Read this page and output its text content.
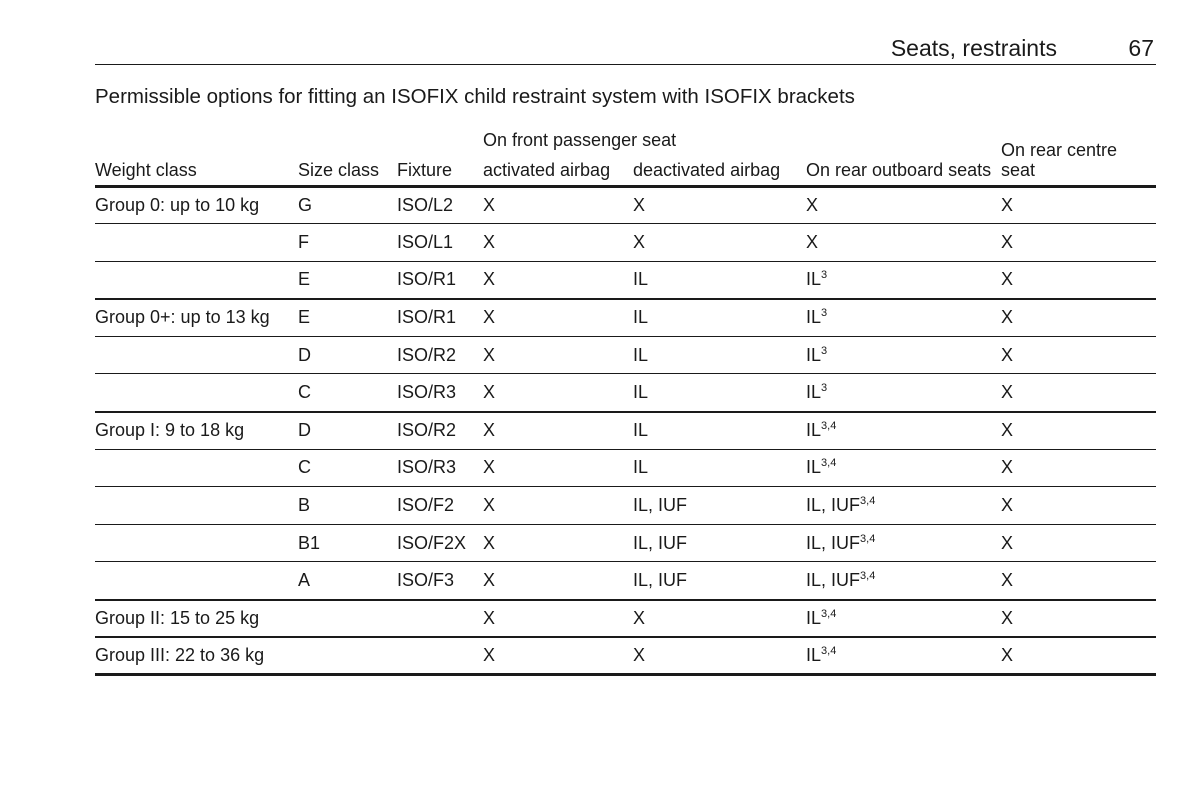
Seats, restraints	67
Permissible options for fitting an ISOFIX child restraint system with ISOFIX brackets
			On front passenger seat		On rear outboard seats	On rear centre seat
Weight class	Size class	Fixture	activated airbag	deactivated airbag		
Group 0: up to 10 kg	G	ISO/L2	X	X	X	X
	F	ISO/L1	X	X	X	X
	E	ISO/R1	X	IL	$IL^3$	X
Group 0+: up to 13 kg	E	ISO/R1	X	IL	$IL^3$	X
	D	ISO/R2	X	IL	$IL^3$	X
	C	ISO/R3	X	IL	$IL^3$	X
Group I: 9 to 18 kg	D	ISO/R2	X	IL	IL$^{3,4}$	X
	C	ISO/R3	X	IL	IL$^{3,4}$	X
	B	ISO/F2	X	IL, IUF	IL, IUF$^{3,4}$	X
	B1	ISO/F2X	X	IL, IUF	IL, IUF$^{3,4}$	X
	A	ISO/F3	X	IL, IUF	IL, IUF$^{3,4}$	X
Group II: 15 to 25 kg			X	X	IL$^{3,4}$	X
Group III: 22 to 36 kg			X	X	IL$^{3,4}$	X
